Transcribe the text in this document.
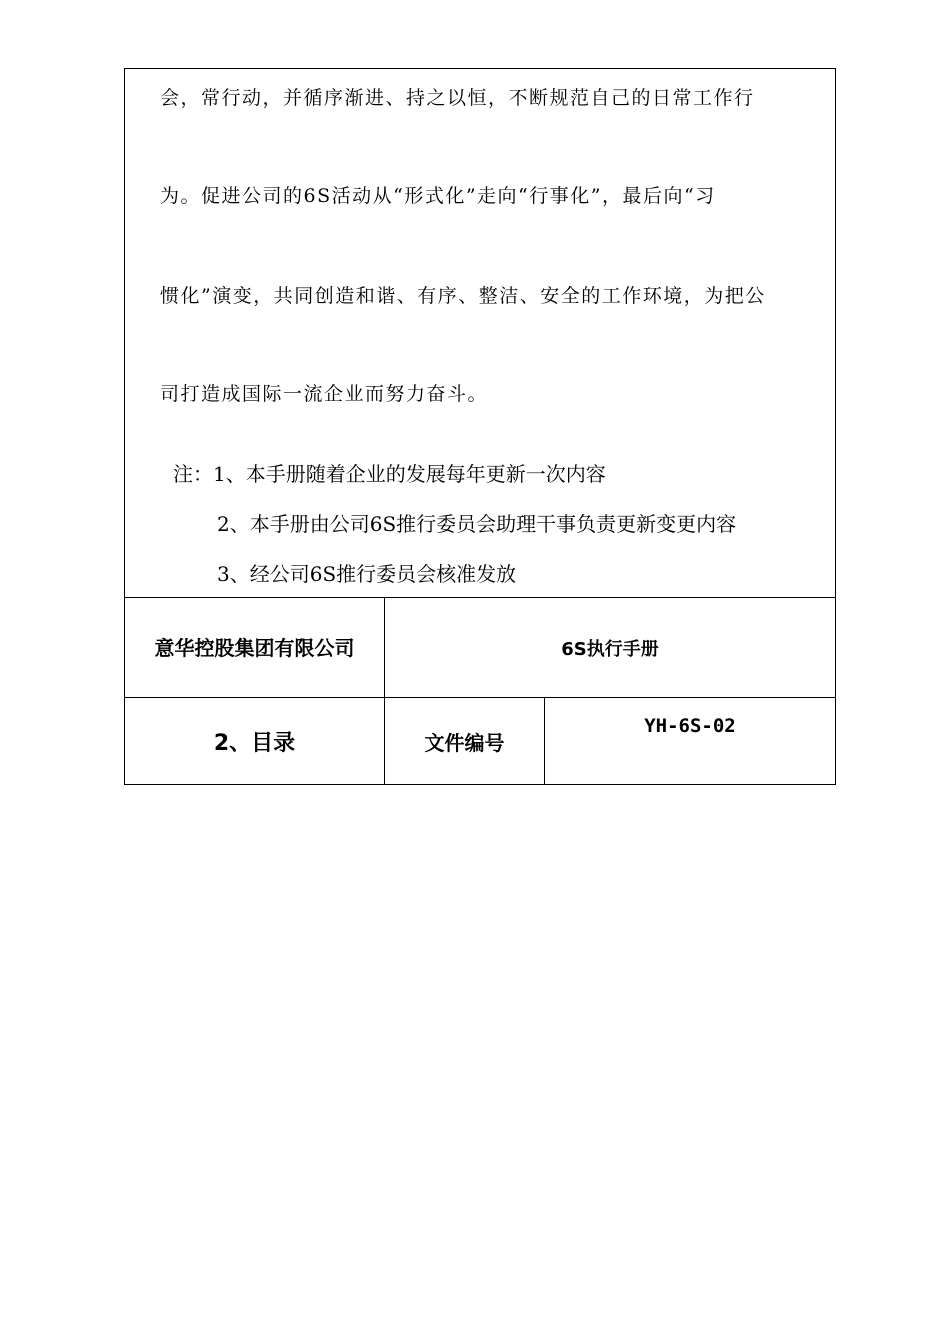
会，常行动，并循序渐进、持之以恒，不断规范自己的日常工作行
为。促进公司的6S活动从“形式化”走向“行事化”，最后向“习
惯化”演变，共同创造和谐、有序、整洁、安全的工作环境，为把公
司打造成国际一流企业而努力奋斗。
注：1、本手册随着企业的发展每年更新一次内容
2、本手册由公司6S推行委员会助理干事负责更新变更内容
3、经公司6S推行委员会核准发放
意华控股集团有限公司	6S执行手册
2、目录	文件编号
YH-6S-02
